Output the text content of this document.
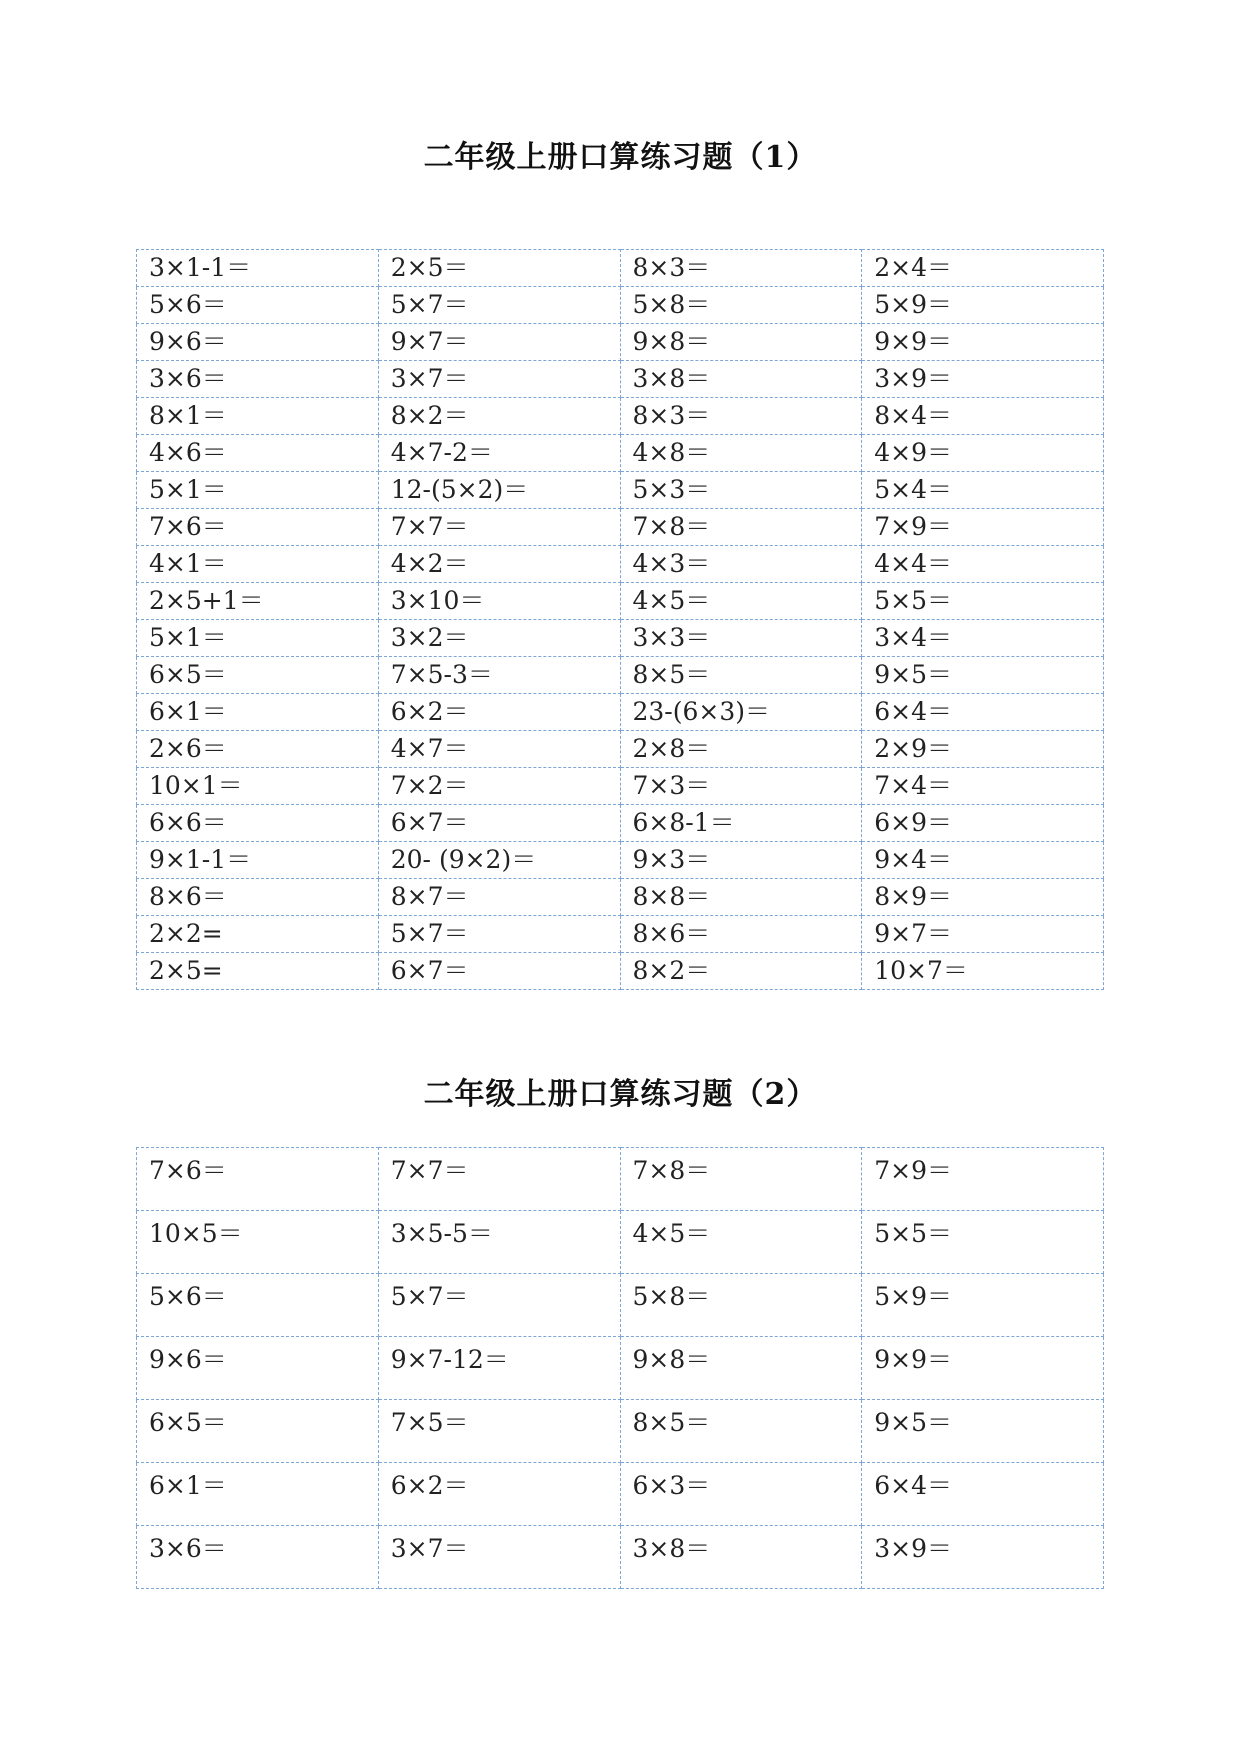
二年级上册口算练习题（1）
3×1-1＝	2×5＝	8×3＝	2×4＝
5×6＝	5×7＝	5×8＝	5×9＝
9×6＝	9×7＝	9×8＝	9×9＝
3×6＝	3×7＝	3×8＝	3×9＝
8×1＝	8×2＝	8×3＝	8×4＝
4×6＝	4×7-2＝	4×8＝	4×9＝
5×1＝	12-(5×2)＝	5×3＝	5×4＝
7×6＝	7×7＝	7×8＝	7×9＝
4×1＝	4×2＝	4×3＝	4×4＝
2×5+1＝	3×10＝	4×5＝	5×5＝
5×1＝	3×2＝	3×3＝	3×4＝
6×5＝	7×5-3＝	8×5＝	9×5＝
6×1＝	6×2＝	23-(6×3)＝	6×4＝
2×6＝	4×7＝	2×8＝	2×9＝
10×1＝	7×2＝	7×3＝	7×4＝
6×6＝	6×7＝	6×8-1＝	6×9＝
9×1-1＝	20- (9×2)＝	9×3＝	9×4＝
8×6＝	8×7＝	8×8＝	8×9＝
2×2=	5×7＝	8×6＝	9×7＝
2×5=	6×7＝	8×2＝	10×7＝
二年级上册口算练习题（2）
7×6＝	7×7＝	7×8＝	7×9＝
10×5＝	3×5-5＝	4×5＝	5×5＝
5×6＝	5×7＝	5×8＝	5×9＝
9×6＝	9×7-12＝	9×8＝	9×9＝
6×5＝	7×5＝	8×5＝	9×5＝
6×1＝	6×2＝	6×3＝	6×4＝
3×6＝	3×7＝	3×8＝	3×9＝
